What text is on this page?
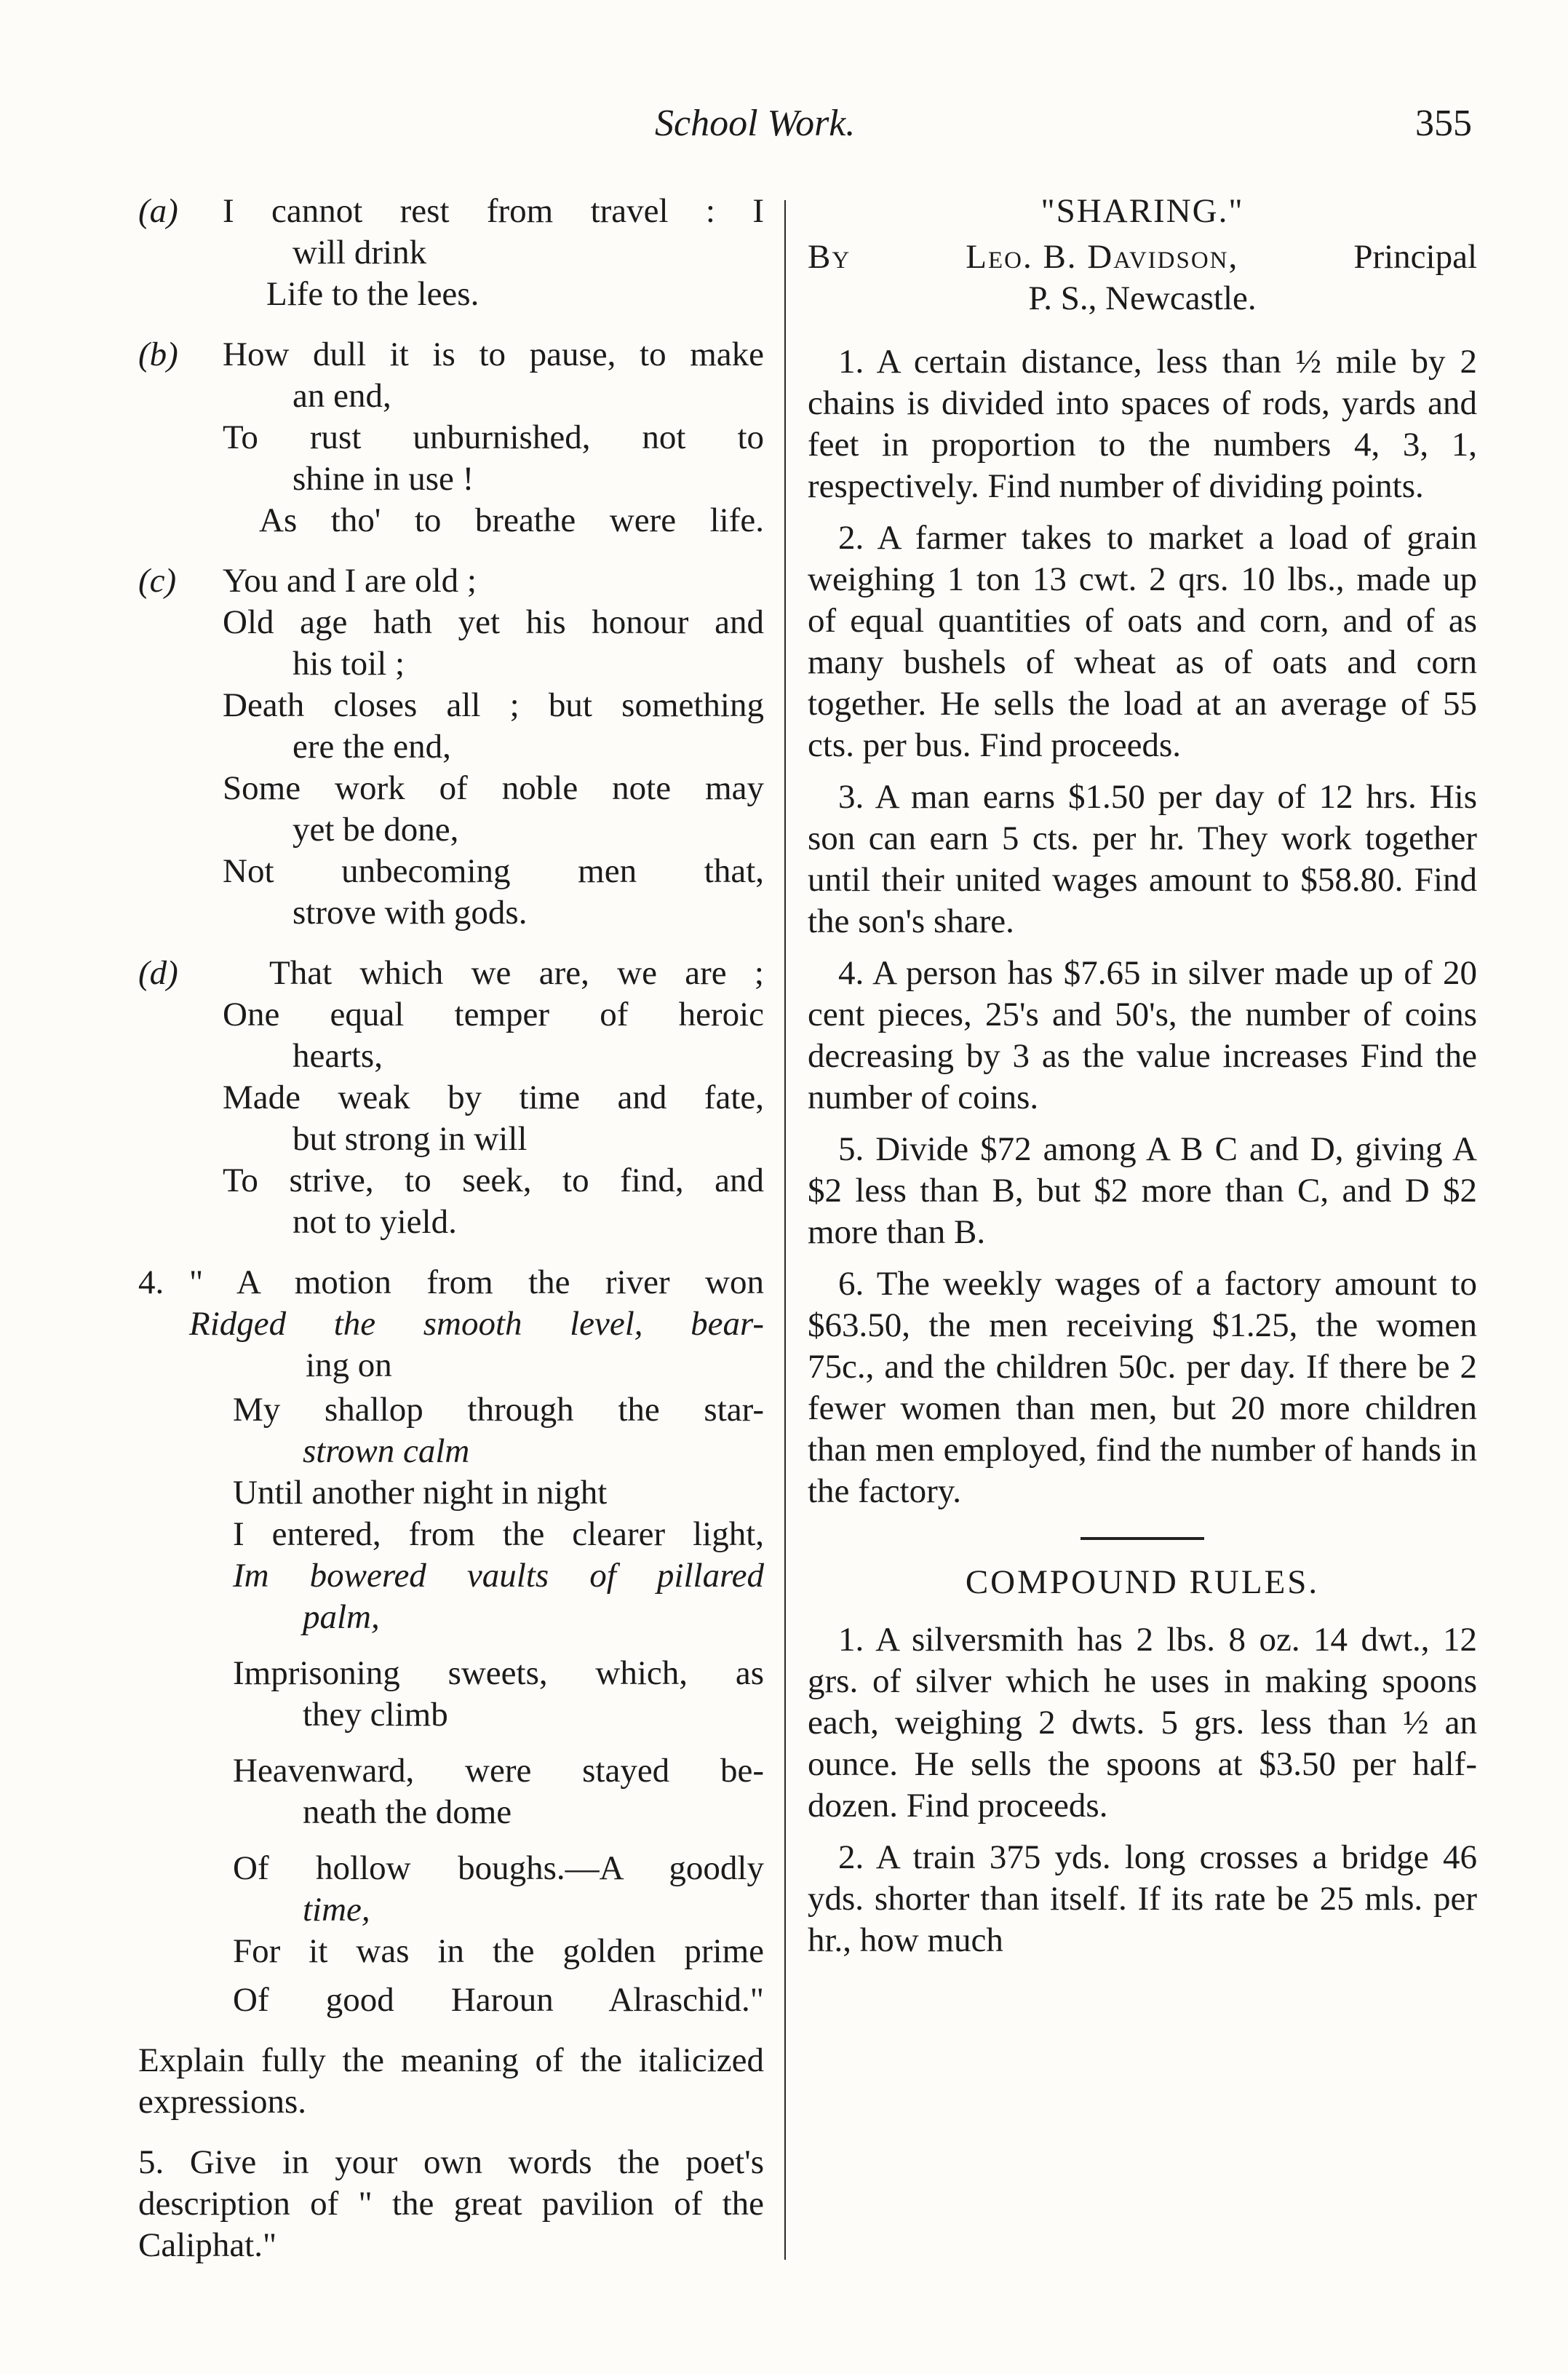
School Work.	355
(a) I cannot rest from travel : I
will drink
Life to the lees.
(b) How dull it is to pause, to make
an end,
To rust unburnished, not to
shine in use !
As tho' to breathe were life.
(c) You and I are old ;
Old age hath yet his honour and
his toil ;
Death closes all ; but something
ere the end,
Some work of noble note may
yet be done,
Not unbecoming men that,
strove with gods.
(d)	That which we are, we are ;
One equal temper of heroic
hearts,
Made weak by time and fate,
but strong in will
To strive, to seek, to find, and
not to yield.
4. " A motion from the river won
Ridged the smooth level, bear-
ing on
My shallop through the star-
strown calm
Until another night in night
I entered, from the clearer light,
Im bowered vaults of pillared
palm,
Imprisoning sweets, which, as
they climb
Heavenward, were stayed be-
neath the dome
Of hollow boughs.—A goodly
time,
For it was in the golden prime
Of good Haroun Alraschid."

Explain fully the meaning of the italicized expressions.

5. Give in your own words the poet's description of " the great pavilion of the Caliphat."

"SHARING."
By	Leo. B. Davidson,	Principal
P. S., Newcastle.

1. A certain distance, less than ½ mile by 2 chains is divided into spaces of rods, yards and feet in proportion to the numbers 4, 3, 1, respectively. Find number of dividing points.

2. A farmer takes to market a load of grain weighing 1 ton 13 cwt. 2 qrs. 10 lbs., made up of equal quantities of oats and corn, and of as many bushels of wheat as of oats and corn together. He sells the load at an average of 55 cts. per bus. Find proceeds.

3. A man earns $1.50 per day of 12 hrs. His son can earn 5 cts. per hr. They work together until their united wages amount to $58.80. Find the son's share.

4. A person has $7.65 in silver made up of 20 cent pieces, 25's and 50's, the number of coins decreasing by 3 as the value increases Find the number of coins.

5. Divide $72 among A B C and D, giving A $2 less than B, but $2 more than C, and D $2 more than B.

6. The weekly wages of a factory amount to $63.50, the men receiving $1.25, the women 75c., and the children 50c. per day. If there be 2 fewer women than men, but 20 more children than men employed, find the number of hands in the factory.

COMPOUND RULES.

1. A silversmith has 2 lbs. 8 oz. 14 dwt., 12 grs. of silver which he uses in making spoons each, weighing 2 dwts. 5 grs. less than ½ an ounce. He sells the spoons at $3.50 per half-dozen. Find proceeds.

2. A train 375 yds. long crosses a bridge 46 yds. shorter than itself. If its rate be 25 mls. per hr., how much
